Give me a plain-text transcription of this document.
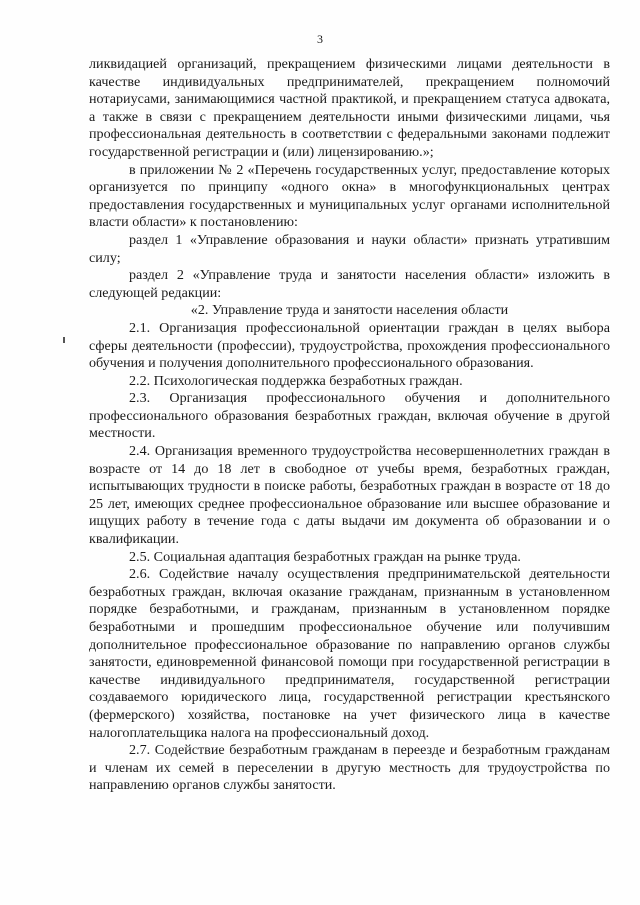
3

ликвидацией организаций, прекращением физическими лицами деятельности в качестве индивидуальных предпринимателей, прекращением полномочий нотариусами, занимающимися частной практикой, и прекращением статуса адвоката, а также в связи с прекращением деятельности иными физическими лицами, чья профессиональная деятельность в соответствии с федеральными законами подлежит государственной регистрации и (или) лицензированию.»;

в приложении № 2 «Перечень государственных услуг, предоставление которых организуется по принципу «одного окна» в многофункциональных центрах предоставления государственных и муниципальных услуг органами исполнительной власти области» к постановлению:

раздел 1 «Управление образования и науки области» признать утратившим силу;

раздел 2 «Управление труда и занятости населения области» изложить в следующей редакции:

«2. Управление труда и занятости населения области

2.1. Организация профессиональной ориентации граждан в целях выбора сферы деятельности (профессии), трудоустройства, прохождения профессионального обучения и получения дополнительного профессионального образования.

2.2. Психологическая поддержка безработных граждан.

2.3. Организация профессионального обучения и дополнительного профессионального образования безработных граждан, включая обучение в другой местности.

2.4. Организация временного трудоустройства несовершеннолетних граждан в возрасте от 14 до 18 лет в свободное от учебы время, безработных граждан, испытывающих трудности в поиске работы, безработных граждан в возрасте от 18 до 25 лет, имеющих среднее профессиональное образование или высшее образование и ищущих работу в течение года с даты выдачи им документа об образовании и о квалификации.

2.5. Социальная адаптация безработных граждан на рынке труда.

2.6. Содействие началу осуществления предпринимательской деятельности безработных граждан, включая оказание гражданам, признанным в установленном порядке безработными, и гражданам, признанным в установленном порядке безработными и прошедшим профессиональное обучение или получившим дополнительное профессиональное образование по направлению органов службы занятости, единовременной финансовой помощи при государственной регистрации в качестве индивидуального предпринимателя, государственной регистрации создаваемого юридического лица, государственной регистрации крестьянского (фермерского) хозяйства, постановке на учет физического лица в качестве налогоплательщика налога на профессиональный доход.

2.7. Содействие безработным гражданам в переезде и безработным гражданам и членам их семей в переселении в другую местность для трудоустройства по направлению органов службы занятости.
